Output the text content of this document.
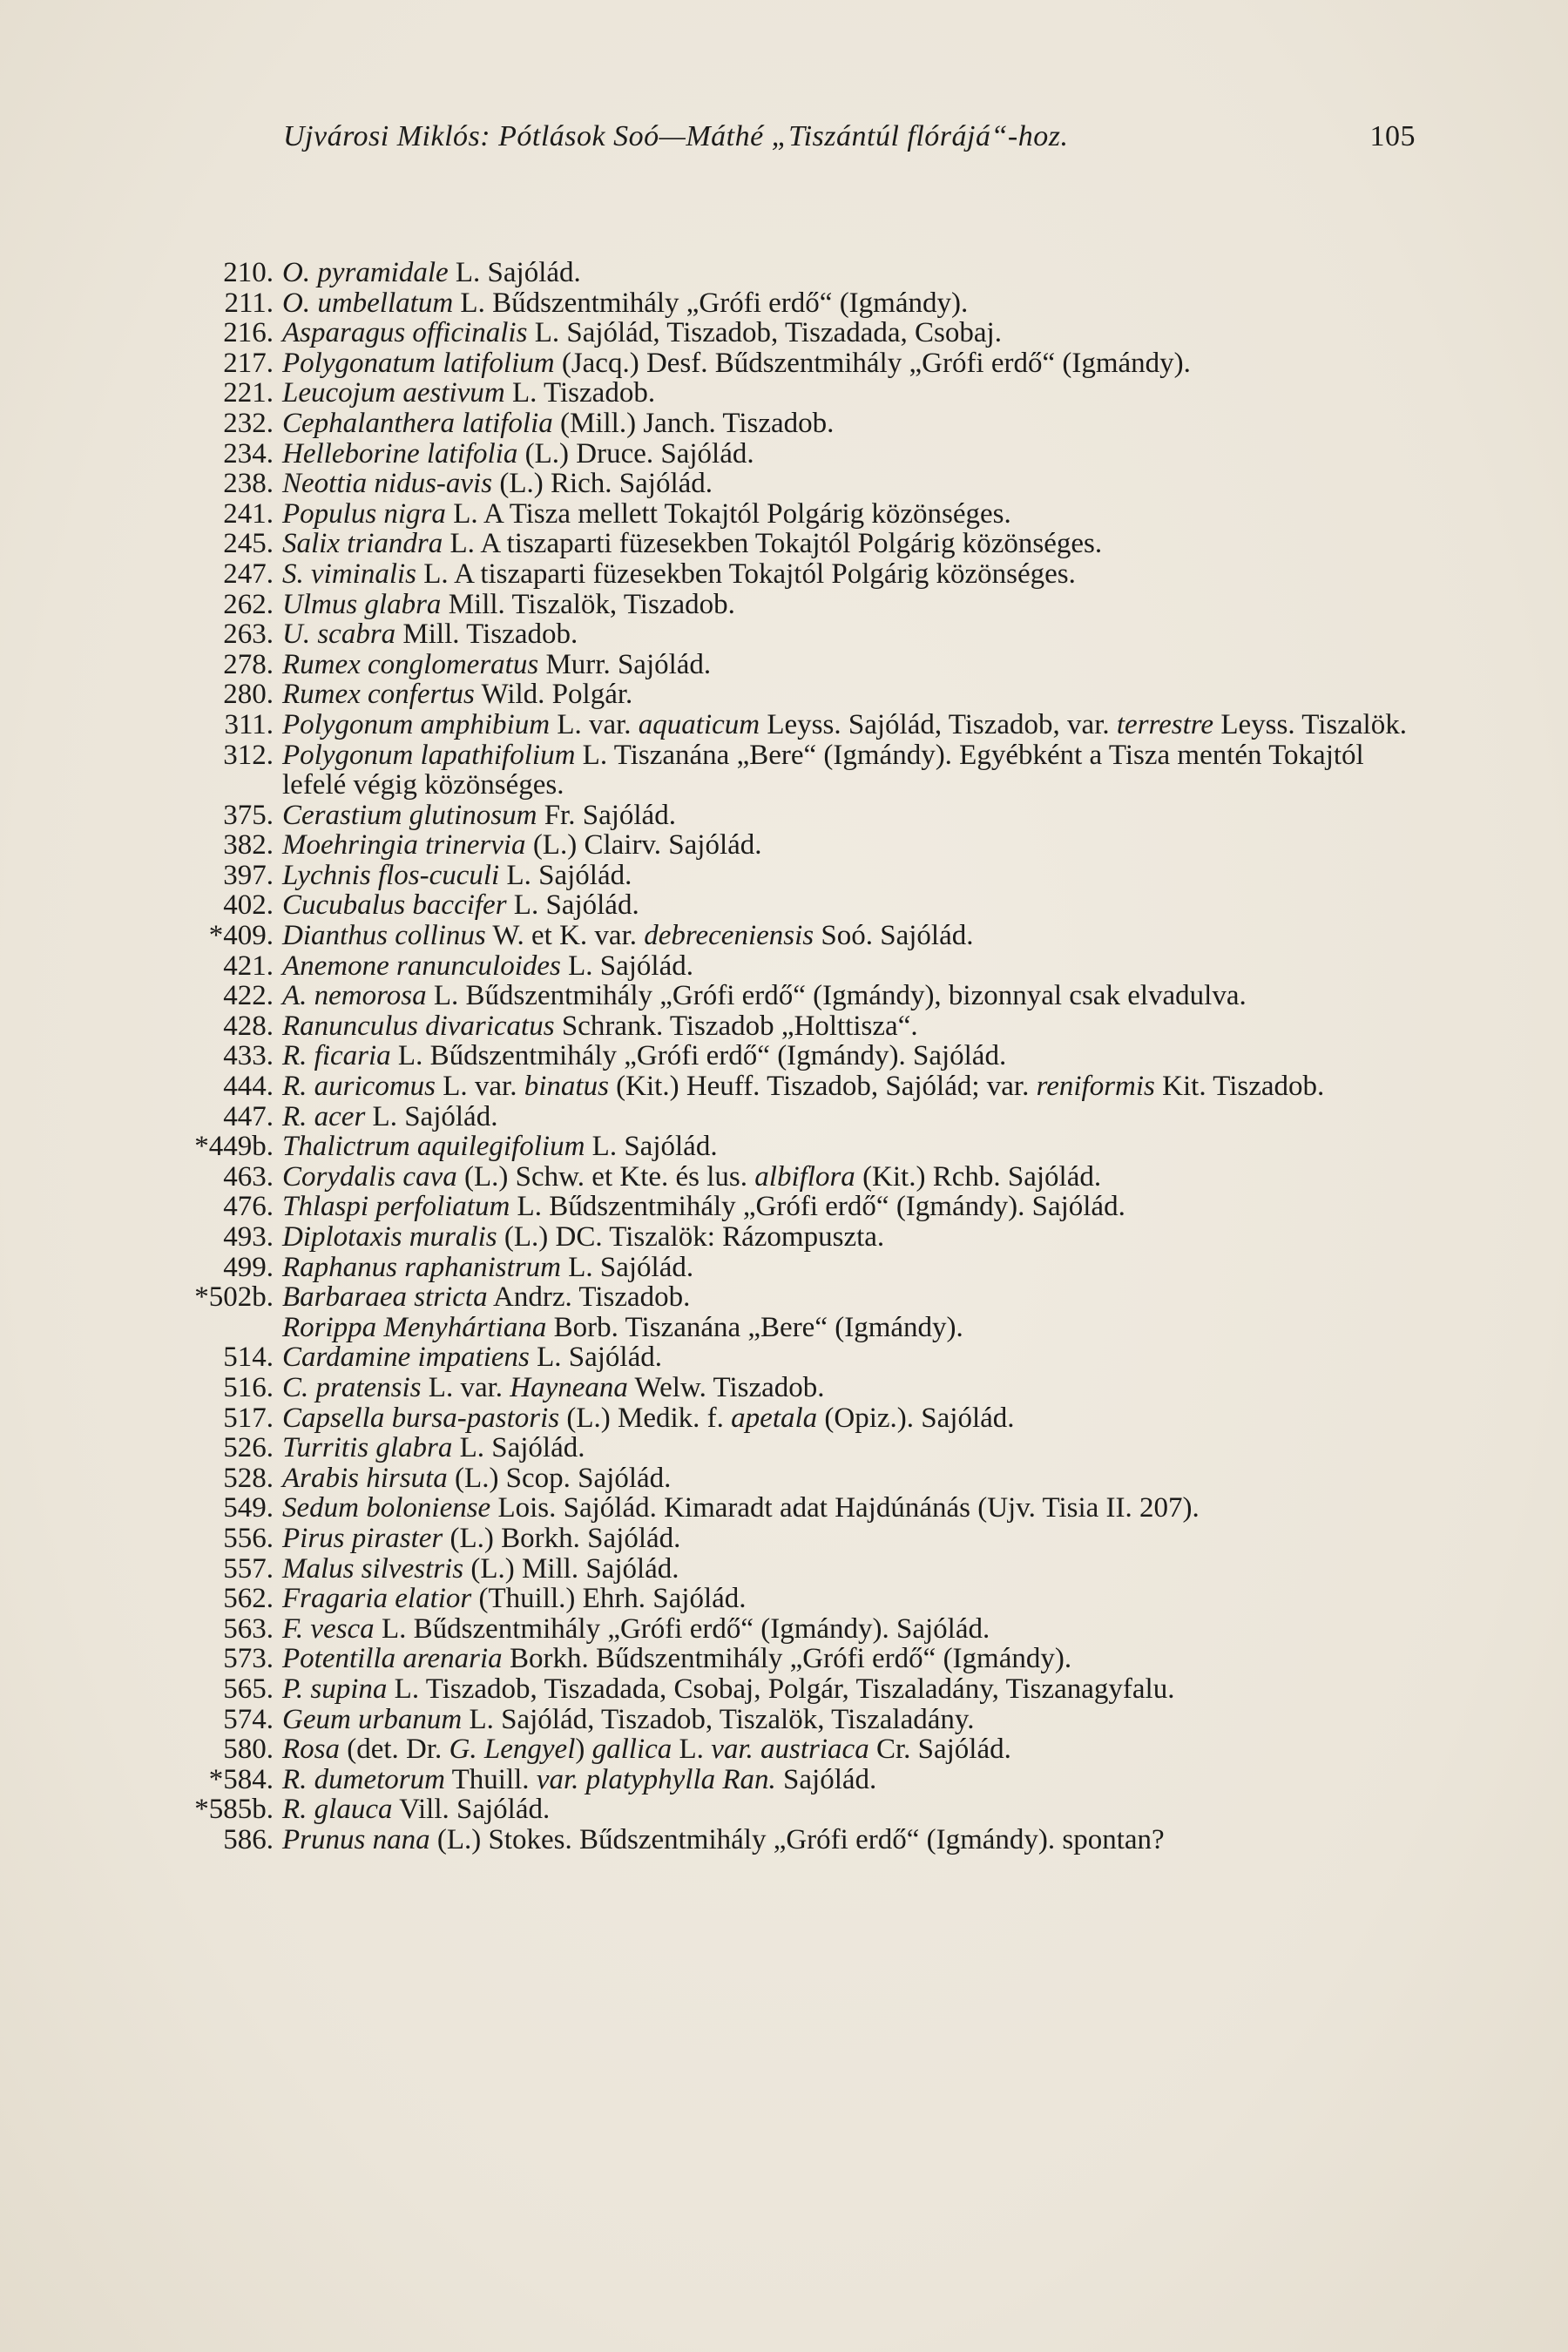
Ujvárosi Miklós: Pótlások Soó—Máthé „Tiszántúl flórájá“-hoz.	105
210. O. pyramidale L. Sajólád.
211. O. umbellatum L. Bűdszentmihály „Grófi erdő“ (Igmándy).
216. Asparagus officinalis L. Sajólád, Tiszadob, Tiszadada, Csobaj.
217. Polygonatum latifolium (Jacq.) Desf. Bűdszentmihály „Grófi erdő“ (Igmándy).
221. Leucojum aestivum L. Tiszadob.
232. Cephalanthera latifolia (Mill.) Janch. Tiszadob.
234. Helleborine latifolia (L.) Druce. Sajólád.
238. Neottia nidus-avis (L.) Rich. Sajólád.
241. Populus nigra L. A Tisza mellett Tokajtól Polgárig közönséges.
245. Salix triandra L. A tiszaparti füzesekben Tokajtól Polgárig közönséges.
247. S. viminalis L. A tiszaparti füzesekben Tokajtól Polgárig közönséges.
262. Ulmus glabra Mill. Tiszalök, Tiszadob.
263. U. scabra Mill. Tiszadob.
278. Rumex conglomeratus Murr. Sajólád.
280. Rumex confertus Wild. Polgár.
311. Polygonum amphibium L. var. aquaticum Leyss. Sajólád, Tiszadob, var. terrestre Leyss. Tiszalök.
312. Polygonum lapathifolium L. Tiszanána „Bere“ (Igmándy). Egyébként a Tisza mentén Tokajtól lefelé végig közönséges.
375. Cerastium glutinosum Fr. Sajólád.
382. Moehringia trinervia (L.) Clairv. Sajólád.
397. Lychnis flos-cuculi L. Sajólád.
402. Cucubalus baccifer L. Sajólád.
*409. Dianthus collinus W. et K. var. debreceniensis Soó. Sajólád.
421. Anemone ranunculoides L. Sajólád.
422. A. nemorosa L. Bűdszentmihály „Grófi erdő“ (Igmándy), bizonnyal csak elvadulva.
428. Ranunculus divaricatus Schrank. Tiszadob „Holttisza“.
433. R. ficaria L. Bűdszentmihály „Grófi erdő“ (Igmándy). Sajólád.
444. R. auricomus L. var. binatus (Kit.) Heuff. Tiszadob, Sajólád; var. reniformis Kit. Tiszadob.
447. R. acer L. Sajólád.
*449b. Thalictrum aquilegifolium L. Sajólád.
463. Corydalis cava (L.) Schw. et Kte. és lus. albiflora (Kit.) Rchb. Sajólád.
476. Thlaspi perfoliatum L. Bűdszentmihály „Grófi erdő“ (Igmándy). Sajólád.
493. Diplotaxis muralis (L.) DC. Tiszalök: Rázompuszta.
499. Raphanus raphanistrum L. Sajólád.
*502b. Barbaraea stricta Andrz. Tiszadob.
Rorippa Menyhártiana Borb. Tiszanána „Bere“ (Igmándy).
514. Cardamine impatiens L. Sajólád.
516. C. pratensis L. var. Hayneana Welw. Tiszadob.
517. Capsella bursa-pastoris (L.) Medik. f. apetala (Opiz.). Sajólád.
526. Turritis glabra L. Sajólád.
528. Arabis hirsuta (L.) Scop. Sajólád.
549. Sedum boloniense Lois. Sajólád. Kimaradt adat Hajdúnánás (Ujv. Tisia II. 207).
556. Pirus piraster (L.) Borkh. Sajólád.
557. Malus silvestris (L.) Mill. Sajólád.
562. Fragaria elatior (Thuill.) Ehrh. Sajólád.
563. F. vesca L. Bűdszentmihály „Grófi erdő“ (Igmándy). Sajólád.
573. Potentilla arenaria Borkh. Bűdszentmihály „Grófi erdő“ (Igmándy).
565. P. supina L. Tiszadob, Tiszadada, Csobaj, Polgár, Tiszaladány, Tiszanagyfalu.
574. Geum urbanum L. Sajólád, Tiszadob, Tiszalök, Tiszaladány.
580. Rosa (det. Dr. G. Lengyel) gallica L. var. austriaca Cr. Sajólád.
*584. R. dumetorum Thuill. var. platyphylla Ran. Sajólád.
*585b. R. glauca Vill. Sajólád.
586. Prunus nana (L.) Stokes. Bűdszentmihály „Grófi erdő“ (Igmándy). spontan?
